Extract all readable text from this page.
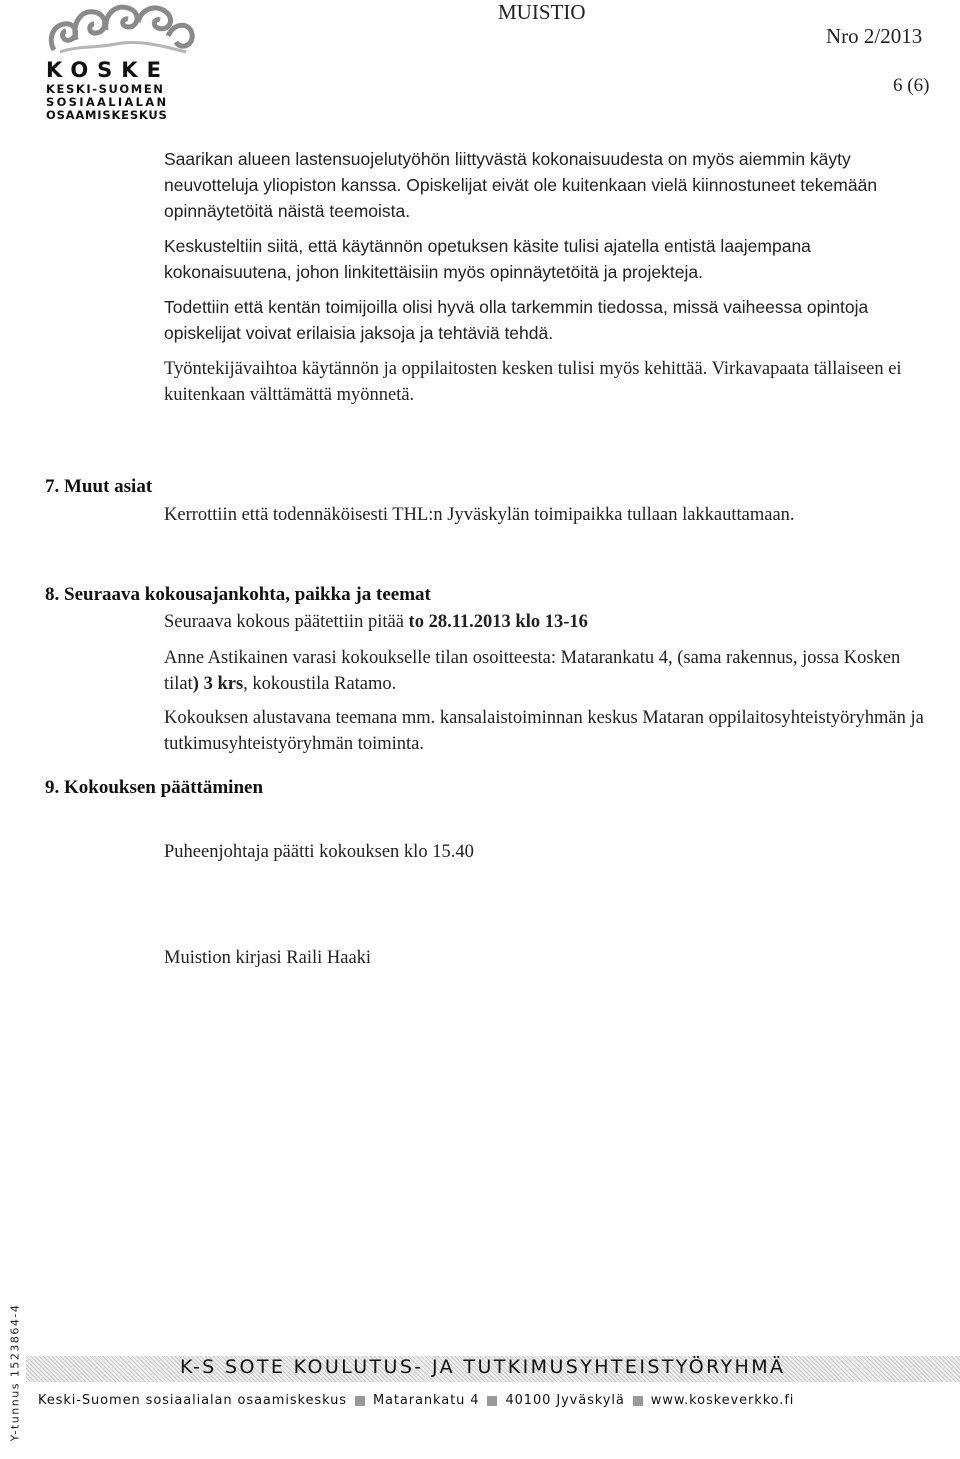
KOSKE
KESKI-SUOMEN
SOSIAALIALAN
OSAAMISKESKUS
MUISTIO
Nro 2/2013
6 (6)
Saarikan alueen lastensuojelutyöhön liittyvästä kokonaisuudesta on myös aiemmin käyty neuvotteluja yliopiston kanssa. Opiskelijat eivät ole kuitenkaan vielä kiinnostuneet tekemään opinnäytetöitä näistä teemoista.
Keskusteltiin siitä, että käytännön opetuksen käsite tulisi ajatella entistä laajempana kokonaisuutena, johon linkitettäisiin myös opinnäytetöitä ja projekteja.
Todettiin että kentän toimijoilla olisi hyvä olla tarkemmin tiedossa, missä vaiheessa opintoja opiskelijat voivat erilaisia jaksoja ja tehtäviä tehdä.
Työntekijävaihtoa käytännön ja oppilaitosten kesken tulisi myös kehittää. Virkavapaata tällaiseen ei kuitenkaan välttämättä myönnetä.
7. Muut asiat
Kerrottiin että todennäköisesti THL:n Jyväskylän toimipaikka tullaan lakkauttamaan.
8. Seuraava kokousajankohta, paikka ja teemat
Seuraava kokous päätettiin pitää to 28.11.2013 klo 13-16
Anne Astikainen varasi kokoukselle tilan osoitteesta: Matarankatu 4, (sama rakennus, jossa Kosken tilat) 3 krs, kokoustila Ratamo.
Kokouksen alustavana teemana mm. kansalaistoiminnan keskus Mataran oppilaitosyhteistyöryhmän ja tutkimusyhteistyöryhmän toiminta.
9. Kokouksen päättäminen
Puheenjohtaja päätti kokouksen klo 15.40
Muistion kirjasi Raili Haaki
Y-tunnus 1523864-4	K-S SOTE KOULUTUS- JA TUTKIMUSYHTEISTYÖRYHMÄ
Keski-Suomen sosiaalialan osaamiskeskus Matarankatu 4 40100 Jyväskylä www.koskeverkko.fi
